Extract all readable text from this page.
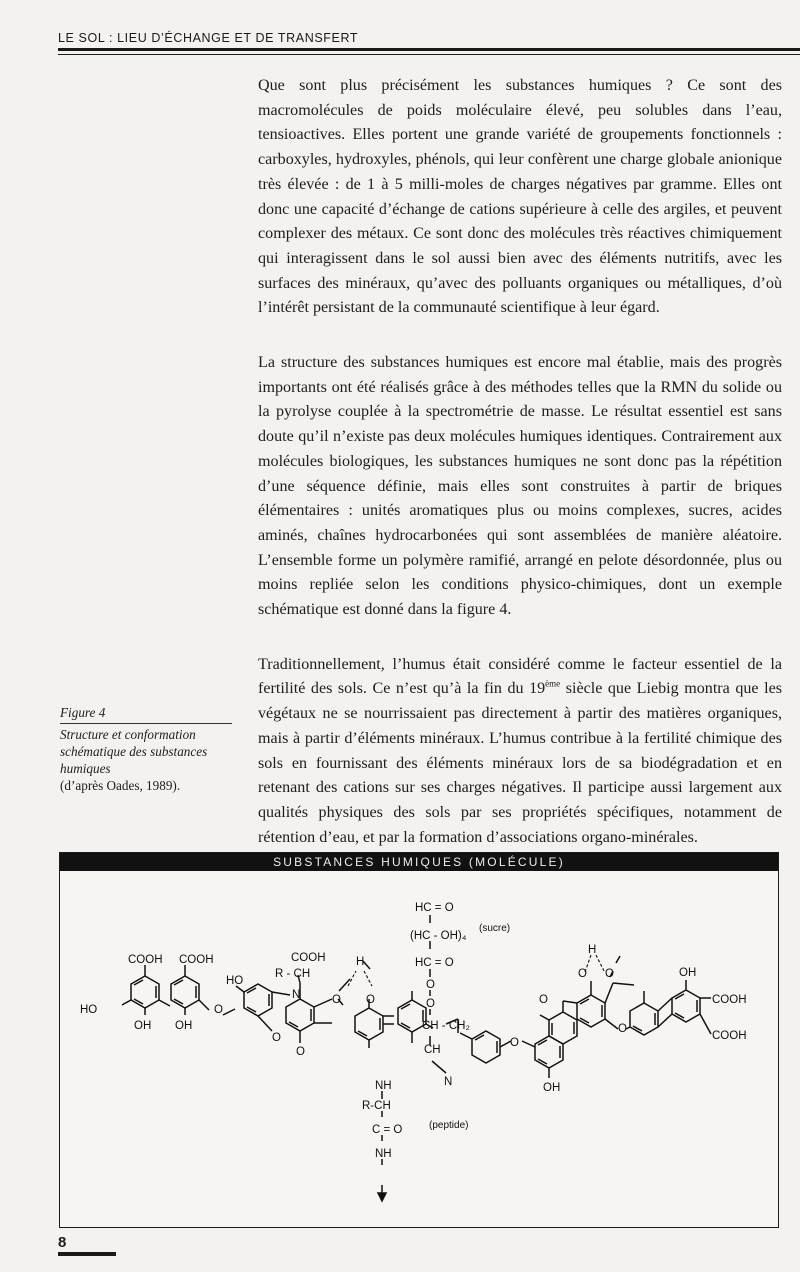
LE SOL : LIEU D’ÉCHANGE ET DE TRANSFERT

Que sont plus précisément les substances humiques ? Ce sont des macromolécules de poids moléculaire élevé, peu solubles dans l’eau, tensioactives. Elles portent une grande variété de groupements fonctionnels : carboxyles, hydroxyles, phénols, qui leur confèrent une charge globale anionique très élevée : de 1 à 5 milli-moles de charges négatives par gramme. Elles ont donc une capacité d’échange de cations supérieure à celle des argiles, et peuvent complexer des métaux. Ce sont donc des molécules très réactives chimiquement qui interagissent dans le sol aussi bien avec des éléments nutritifs, avec les surfaces des minéraux, qu’avec des polluants organiques ou métalliques, d’où l’intérêt persistant de la communauté scientifique à leur égard.

La structure des substances humiques est encore mal établie, mais des progrès importants ont été réalisés grâce à des méthodes telles que la RMN du solide ou la pyrolyse couplée à la spectrométrie de masse. Le résultat essentiel est sans doute qu’il n’existe pas deux molécules humiques identiques. Contrairement aux molécules biologiques, les substances humiques ne sont donc pas la répétition d’une séquence définie, mais elles sont construites à partir de briques élémentaires : unités aromatiques plus ou moins complexes, sucres, acides aminés, chaînes hydrocarbonées qui sont assemblées de manière aléatoire. L’ensemble forme un polymère ramifié, arrangé en pelote désordonnée, plus ou moins repliée selon les conditions physico-chimiques, dont un exemple schématique est donné dans la figure 4.

Traditionnellement, l’humus était considéré comme le facteur essentiel de la fertilité des sols. Ce n’est qu’à la fin du 19ème siècle que Liebig montra que les végétaux ne se nourrissaient pas directement à partir des matières organiques, mais à partir d’éléments minéraux. L’humus contribue à la fertilité chimique des sols en fournissant des éléments minéraux lors de sa biodégradation et en retenant des cations sur ses charges négatives. Il participe aussi largement aux qualités physiques des sols par ses propriétés spécifiques, notamment de rétention d’eau, et par la formation d’associations organo-minérales.

Figure 4
Structure et conformation schématique des substances humiques
(d’après Oades, 1989).
COOH COOH
HO
OH OH
O
HO
COOH
R - CH
N
O
O
O
H
O
NH
R-CH
C = O	(peptide)
NH
HC = O
(HC - OH)₄
(sucre)
HC = O
O
O
CH - CH₂
CH
N
O
O
OH
O
H
O
O
OH
COOH
COOH
SUBSTANCES HUMIQUES (MOLÉCULE)
8
